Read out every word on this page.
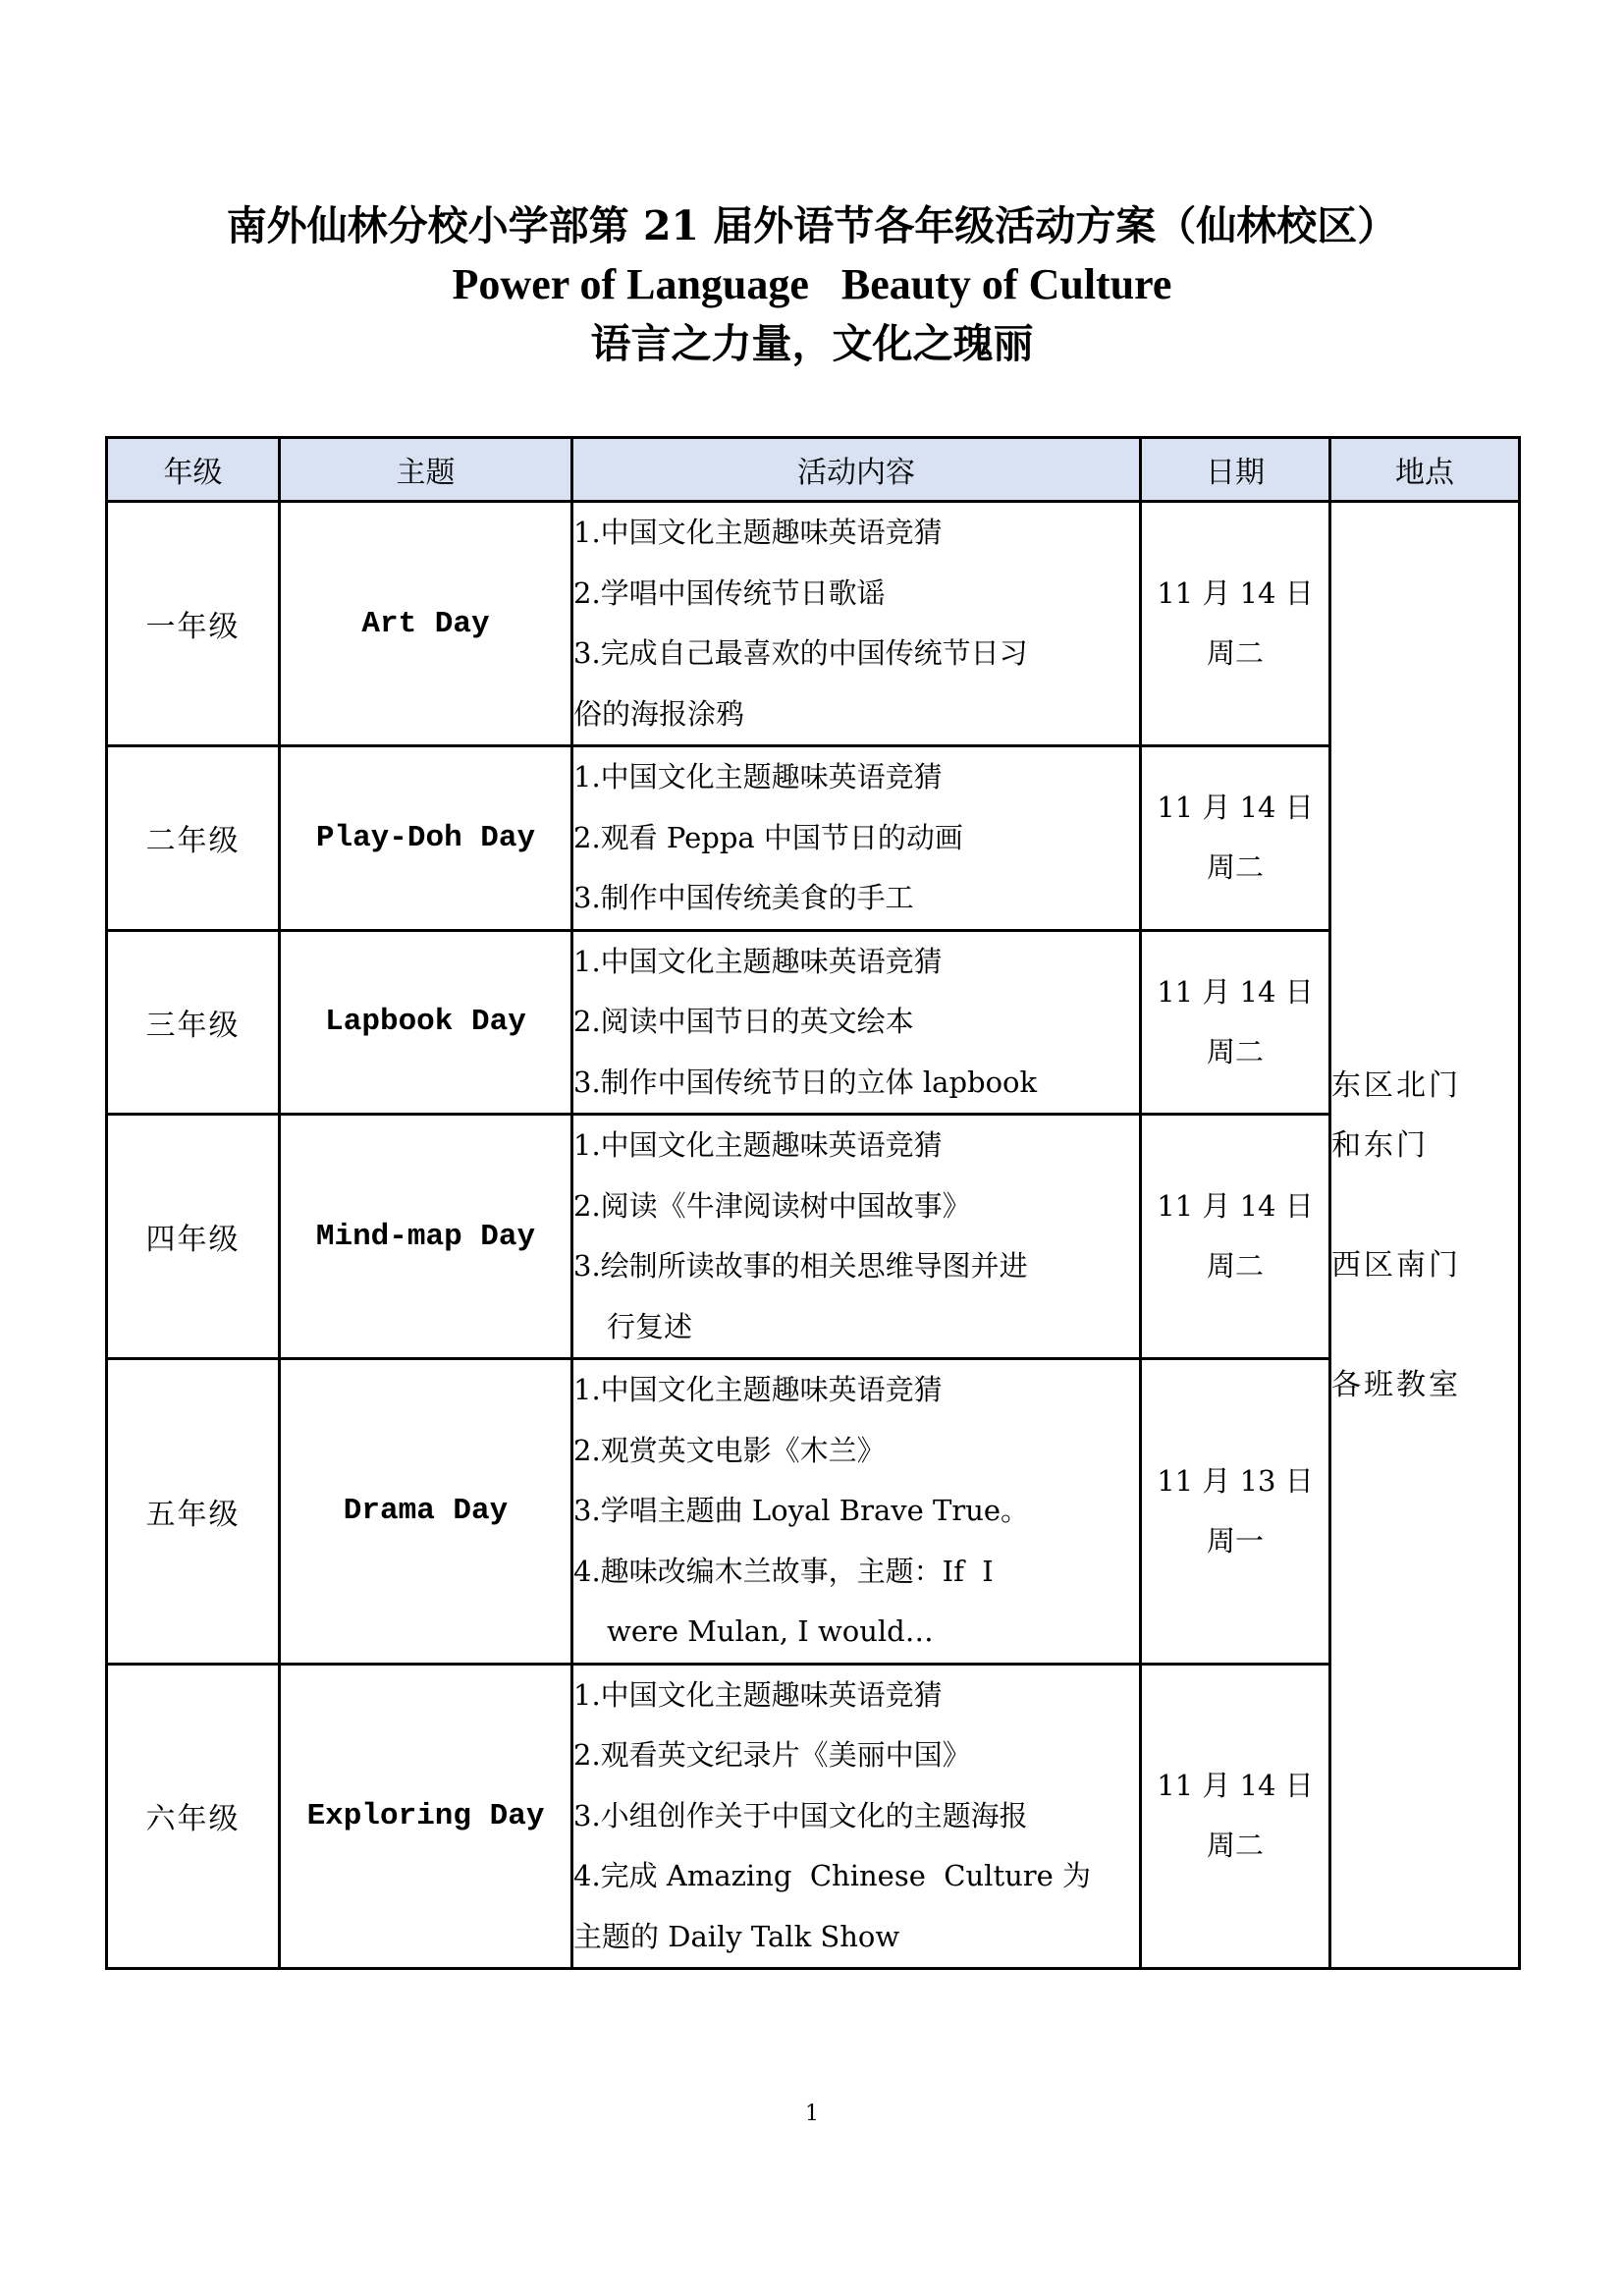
南外仙林分校小学部第 21 届外语节各年级活动方案（仙林校区）
Power of Language   Beauty of Culture
语言之力量，文化之瑰丽
年级	主题	活动内容	日期	地点
一年级	Art Day	1.中国文化主题趣味英语竞猜
2.学唱中国传统节日歌谣
3.完成自己最喜欢的中国传统节日习
俗的海报涂鸦	11 月 14 日
周二	东区北门
和东门
西区南门
各班教室

二年级	Play-Doh Day	1.中国文化主题趣味英语竞猜
2.观看 Peppa 中国节日的动画
3.制作中国传统美食的手工	11 月 14 日
周二	

三年级	Lapbook Day	1.中国文化主题趣味英语竞猜
2.阅读中国节日的英文绘本
3.制作中国传统节日的立体 lapbook	11 月 14 日
周二	

四年级	Mind-map Day	1.中国文化主题趣味英语竞猜
2.阅读《牛津阅读树中国故事》
3.绘制所读故事的相关思维导图并进
行复述	11 月 14 日
周二	

五年级	Drama Day	1.中国文化主题趣味英语竞猜
2.观赏英文电影《木兰》
3.学唱主题曲 Loyal Brave True。
4.趣味改编木兰故事，主题：If  I
were Mulan, I would…	11 月 13 日
周一	

六年级	Exploring Day	1.中国文化主题趣味英语竞猜
2.观看英文纪录片《美丽中国》
3.小组创作关于中国文化的主题海报
4.完成 Amazing  Chinese  Culture 为
主题的 Daily Talk Show	11 月 14 日
周二	
1
